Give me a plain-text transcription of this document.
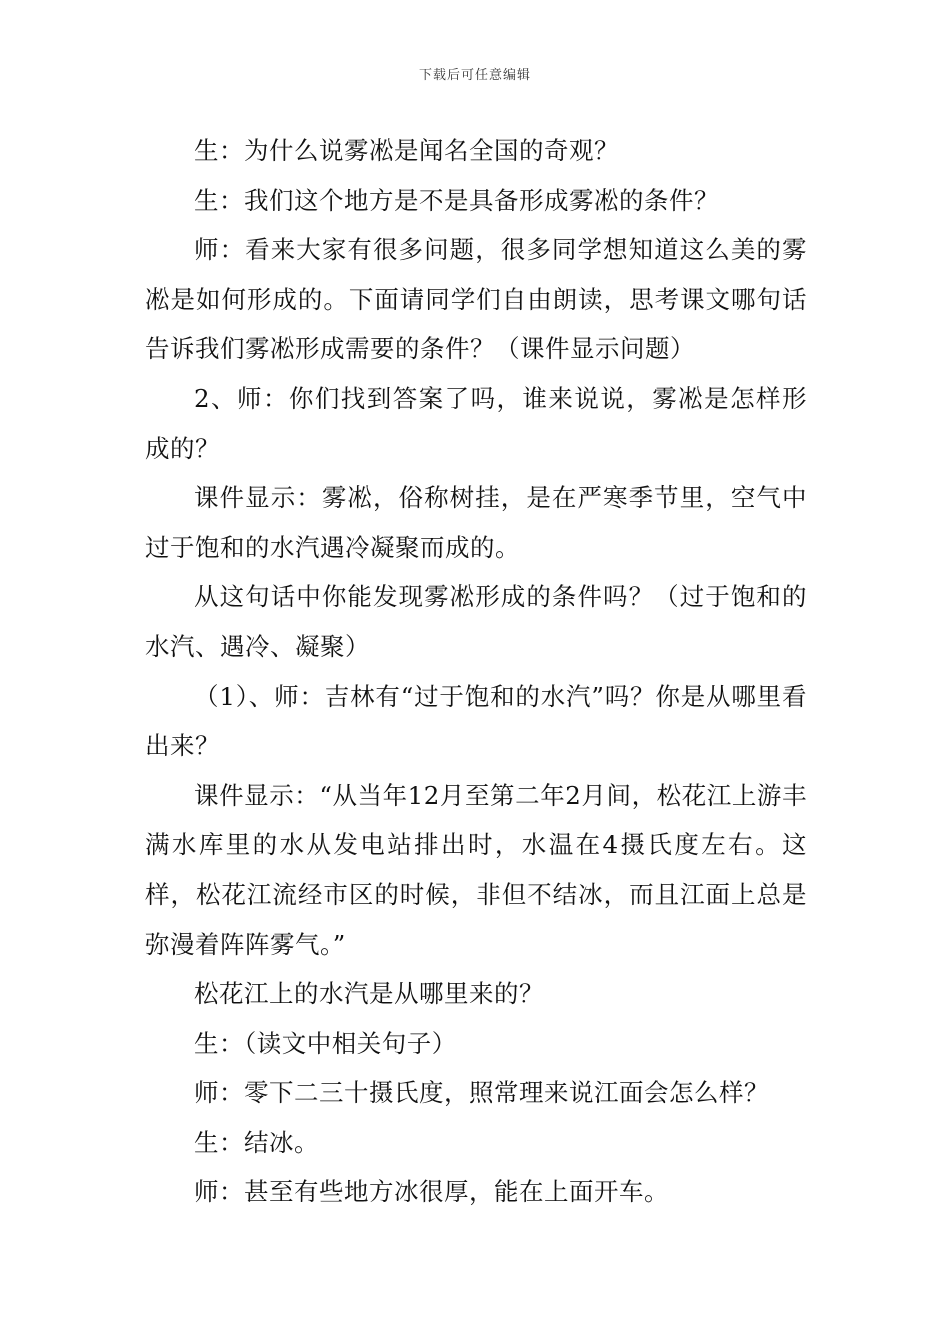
下载后可任意编辑

生：为什么说雾凇是闻名全国的奇观？

生：我们这个地方是不是具备形成雾凇的条件？

师：看来大家有很多问题，很多同学想知道这么美的雾凇是如何形成的。下面请同学们自由朗读，思考课文哪句话告诉我们雾凇形成需要的条件？（课件显示问题）

2、师：你们找到答案了吗，谁来说说，雾凇是怎样形成的？

课件显示：雾凇，俗称树挂，是在严寒季节里，空气中过于饱和的水汽遇冷凝聚而成的。

从这句话中你能发现雾凇形成的条件吗？（过于饱和的水汽、遇冷、凝聚）

（1）、师：吉林有“过于饱和的水汽”吗？你是从哪里看出来？

课件显示：“从当年12月至第二年2月间，松花江上游丰满水库里的水从发电站排出时，水温在4摄氏度左右。这样，松花江流经市区的时候，非但不结冰，而且江面上总是弥漫着阵阵雾气。”

松花江上的水汽是从哪里来的？

生：（读文中相关句子）

师：零下二三十摄氏度，照常理来说江面会怎么样？

生：结冰。

师：甚至有些地方冰很厚，能在上面开车。
